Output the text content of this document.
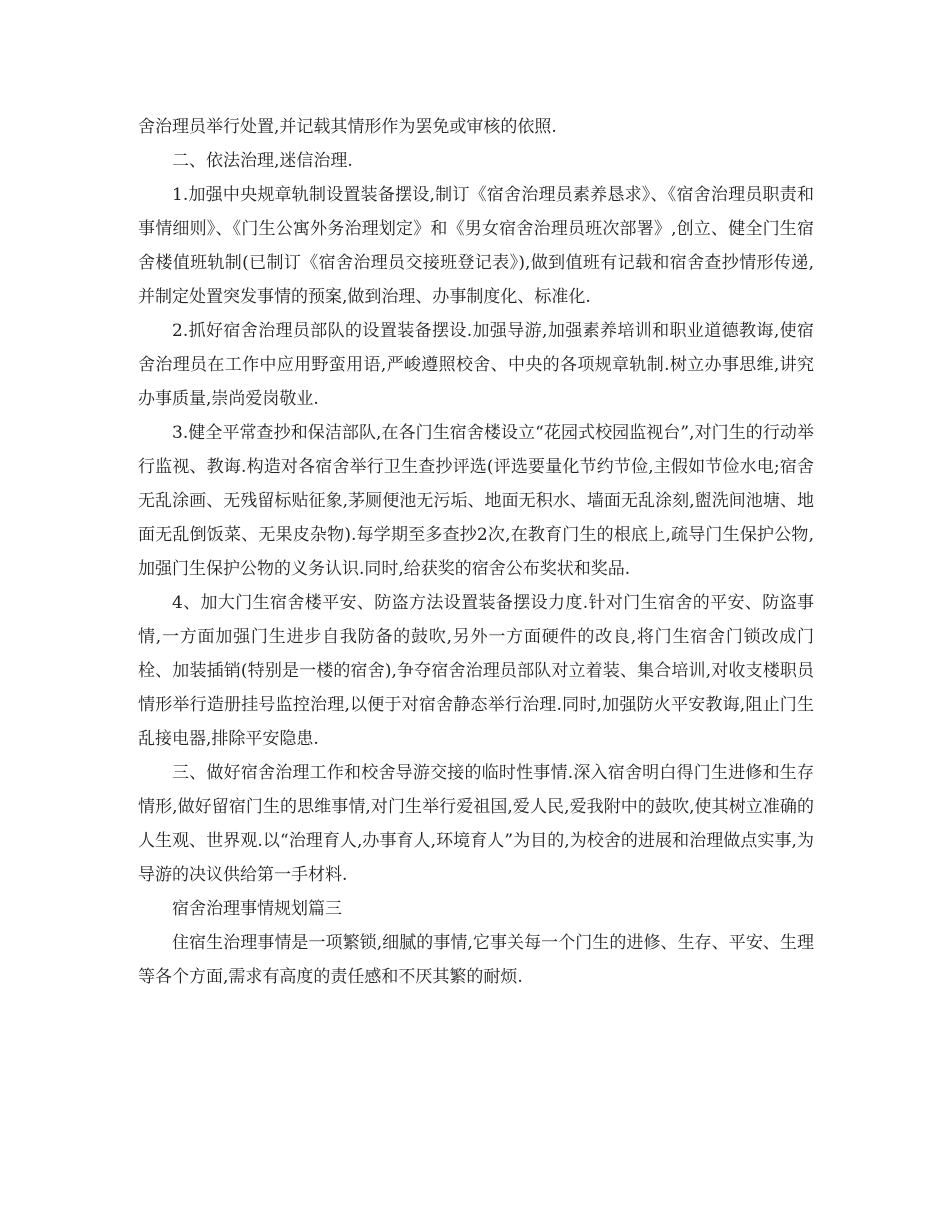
舍治理员举行处置,并记载其情形作为罢免或审核的依照.

二、依法治理,迷信治理.

1.加强中央规章轨制设置装备摆设,制订《宿舍治理员素养恳求》、《宿舍治理员职责和事情细则》、《门生公寓外务治理划定》和《男女宿舍治理员班次部署》,创立、健全门生宿舍楼值班轨制(已制订《宿舍治理员交接班登记表》),做到值班有记载和宿舍查抄情形传递,并制定处置突发事情的预案,做到治理、办事制度化、标准化.

2.抓好宿舍治理员部队的设置装备摆设.加强导游,加强素养培训和职业道德教诲,使宿舍治理员在工作中应用野蛮用语,严峻遵照校舍、中央的各项规章轨制.树立办事思维,讲究办事质量,崇尚爱岗敬业.

3.健全平常查抄和保洁部队,在各门生宿舍楼设立“花园式校园监视台”,对门生的行动举行监视、教诲.构造对各宿舍举行卫生查抄评选(评选要量化节约节俭,主假如节俭水电;宿舍无乱涂画、无残留标贴征象,茅厕便池无污垢、地面无积水、墙面无乱涂刻,盥洗间池塘、地面无乱倒饭菜、无果皮杂物).每学期至多查抄2次,在教育门生的根底上,疏导门生保护公物,加强门生保护公物的义务认识.同时,给获奖的宿舍公布奖状和奖品.

4、加大门生宿舍楼平安、防盗方法设置装备摆设力度.针对门生宿舍的平安、防盗事情,一方面加强门生进步自我防备的鼓吹,另外一方面硬件的改良,将门生宿舍门锁改成门栓、加装插销(特别是一楼的宿舍),争夺宿舍治理员部队对立着装、集合培训,对收支楼职员情形举行造册挂号监控治理,以便于对宿舍静态举行治理.同时,加强防火平安教诲,阻止门生乱接电器,排除平安隐患.

三、做好宿舍治理工作和校舍导游交接的临时性事情.深入宿舍明白得门生进修和生存情形,做好留宿门生的思维事情,对门生举行爱祖国,爱人民,爱我附中的鼓吹,使其树立准确的人生观、世界观.以“治理育人,办事育人,环境育人”为目的,为校舍的进展和治理做点实事,为导游的决议供给第一手材料.

宿舍治理事情规划篇三

住宿生治理事情是一项繁锁,细腻的事情,它事关每一个门生的进修、生存、平安、生理等各个方面,需求有高度的责任感和不厌其繁的耐烦.
